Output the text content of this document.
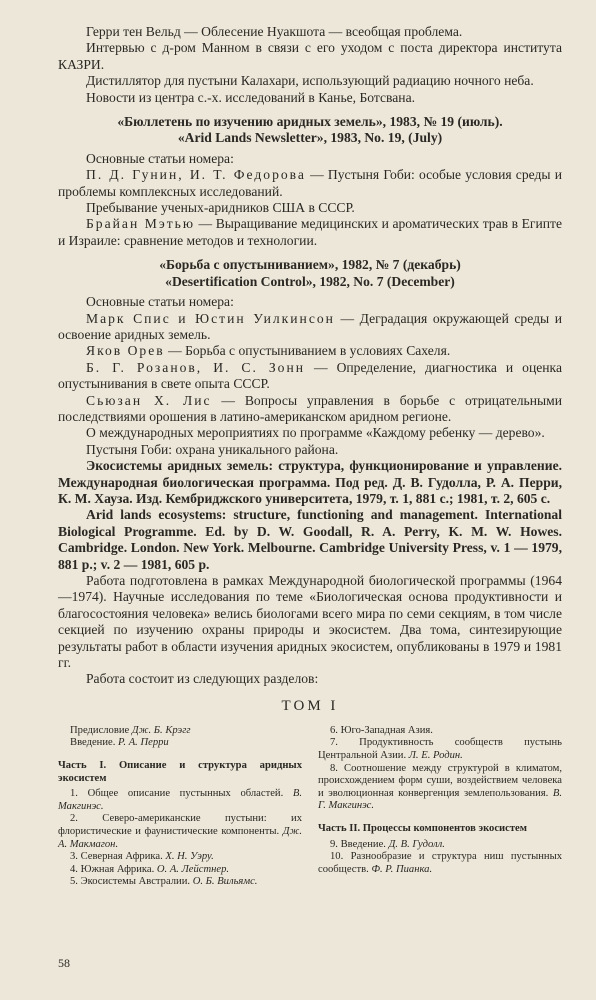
Герри тен Вельд — Облесение Нуакшота — всеобщая проблема.

Интервью с д-ром Манном в связи с его уходом с поста директора института КАЗРИ.

Дистиллятор для пустыни Калахари, использующий радиацию ночного неба.

Новости из центра с.-х. исследований в Канье, Ботсвана.

«Бюллетень по изучению аридных земель», 1983, № 19 (июль).
«Arid Lands Newsletter», 1983, No. 19, (July)

Основные статьи номера:

П. Д. Гунин, И. Т. Федорова — Пустыня Гоби: особые условия среды и проблемы комплексных исследований.

Пребывание ученых-аридников США в СССР.

Брайан Мэтью — Выращивание медицинских и ароматических трав в Египте и Израиле: сравнение методов и технологии.

«Борьба с опустыниванием», 1982, № 7 (декабрь)
«Desertification Control», 1982, No. 7 (December)

Основные статьи номера:

Марк Спис и Юстин Уилкинсон — Деградация окружающей среды и освоение аридных земель.

Яков Орев — Борьба с опустыниванием в условиях Сахеля.

Б. Г. Розанов, И. С. Зонн — Определение, диагностика и оценка опустынивания в свете опыта СССР.

Сьюзан Х. Лис — Вопросы управления в борьбе с отрицательными последствиями орошения в латино-американском аридном регионе.

О международных мероприятиях по программе «Каждому ребенку — дерево».

Пустыня Гоби: охрана уникального района.

Экосистемы аридных земель: структура, функционирование и управление. Международная биологическая программа. Под ред. Д. В. Гудолла, Р. А. Перри, К. М. Хауза. Изд. Кембриджского университета, 1979, т. 1, 881 с.; 1981, т. 2, 605 с.

Arid lands ecosystems: structure, functioning and management. International Biological Programme. Ed. by D. W. Goodall, R. A. Perry, K. M. W. Howes. Cambridge. London. New York. Melbourne. Cambridge University Press, v. 1 — 1979, 881 p.; v. 2 — 1981, 605 p.

Работа подготовлена в рамках Международной биологической программы (1964—1974). Научные исследования по теме «Биологическая основа продуктивности и благосостояния человека» велись биологами всего мира по семи секциям, в том числе секцией по изучению охраны природы и экосистем. Два тома, синтезирующие результаты работ в области изучения аридных экосистем, опубликованы в 1979 и 1981 гг.

Работа состоит из следующих разделов:

ТОМ I

Предисловие Дж. Б. Крэгг

Введение. Р. А. Перри

Часть I. Описание и структура аридных экосистем

1. Общее описание пустынных областей. В. Макгинэс.

2. Северо-американские пустыни: их флористические и фаунистические компоненты. Дж. А. Макмагон.

3. Северная Африка. Х. Н. Уэру.

4. Южная Африка. О. А. Лейстнер.

5. Экосистемы Австралии. О. Б. Вильямс.

6. Юго-Западная Азия.

7. Продуктивность сообществ пустынь Центральной Азии. Л. Е. Родин.

8. Соотношение между структурой в климатом, происхождением форм суши, воздействием человека и эволюционная конвергенция землепользования. В. Г. Макгинэс.

Часть II. Процессы компонентов экосистем

9. Введение. Д. В. Гудолл.

10. Разнообразие и структура ниш пустынных сообществ. Ф. Р. Пианка.

58
